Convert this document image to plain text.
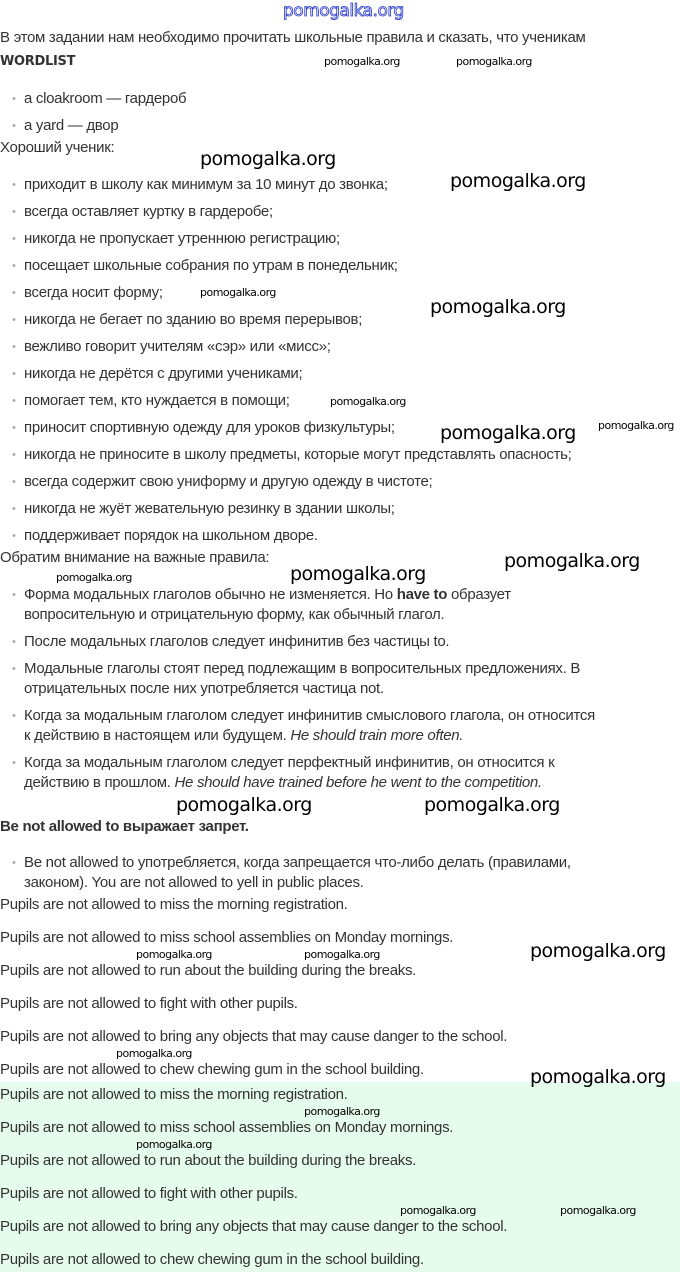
pomogalka.org
В этом задании нам необходимо прочитать школьные правила и сказать, что ученикам
WORDLIST
• a cloakroom — гардероб
• a yard — двор
Хороший ученик:
• приходит в школу как минимум за 10 минут до звонка;
• всегда оставляет куртку в гардеробе;
• никогда не пропускает утреннюю регистрацию;
• посещает школьные собрания по утрам в понедельник;
• всегда носит форму;
• никогда не бегает по зданию во время перерывов;
• вежливо говорит учителям «сэр» или «мисс»;
• никогда не дерётся с другими учениками;
• помогает тем, кто нуждается в помощи;
• приносит спортивную одежду для уроков физкультуры;
• никогда не приносите в школу предметы, которые могут представлять опасность;
• всегда содержит свою униформу и другую одежду в чистоте;
• никогда не жуёт жевательную резинку в здании школы;
• поддерживает порядок на школьном дворе.
Обратим внимание на важные правила:
• Форма модальных глаголов обычно не изменяется. Но have to образует
вопросительную и отрицательную форму, как обычный глагол.
• После модальных глаголов следует инфинитив без частицы to.
• Модальные глаголы стоят перед подлежащим в вопросительных предложениях. В
отрицательных после них употребляется частица not.
• Когда за модальным глаголом следует инфинитив смыслового глагола, он относится
к действию в настоящем или будущем. He should train more often.
• Когда за модальным глаголом следует перфектный инфинитив, он относится к
действию в прошлом. He should have trained before he went to the competition.
Be not allowed to выражает запрет.
• Be not allowed to употребляется, когда запрещается что-либо делать (правилами,
законом). You are not allowed to yell in public places.
Pupils are not allowed to miss the morning registration.
Pupils are not allowed to miss school assemblies on Monday mornings.
Pupils are not allowed to run about the building during the breaks.
Pupils are not allowed to fight with other pupils.
Pupils are not allowed to bring any objects that may cause danger to the school.
Pupils are not allowed to chew chewing gum in the school building.
Pupils are not allowed to miss the morning registration.
Pupils are not allowed to miss school assemblies on Monday mornings.
Pupils are not allowed to run about the building during the breaks.
Pupils are not allowed to fight with other pupils.
Pupils are not allowed to bring any objects that may cause danger to the school.
Pupils are not allowed to chew chewing gum in the school building.
pomogalka.org	pomogalka.org
pomogalka.org
pomogalka.org
pomogalka.org
pomogalka.org
pomogalka.org
pomogalka.org
pomogalka.org
pomogalka.org
pomogalka.org	pomogalka.org
pomogalka.org	pomogalka.org
pomogalka.org	pomogalka.org	pomogalka.org
pomogalka.org
pomogalka.org
pomogalka.org
pomogalka.org
pomogalka.org	pomogalka.org
